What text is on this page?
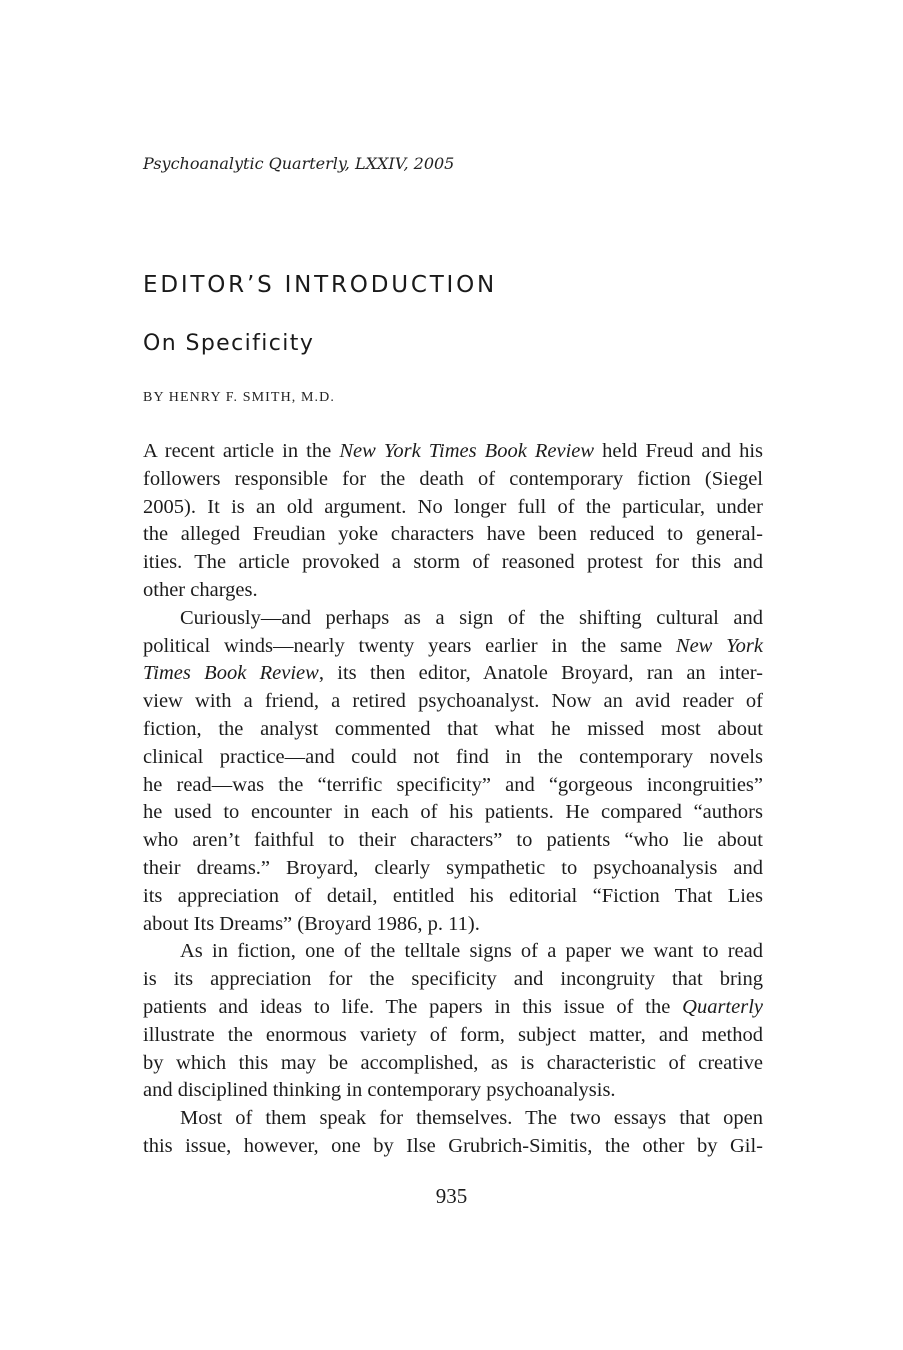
Psychoanalytic Quarterly, LXXIV, 2005
EDITOR’S INTRODUCTION
On Specificity
BY HENRY F. SMITH, M.D.
A recent article in the New York Times Book Review held Freud and his
followers responsible for the death of contemporary fiction (Siegel
2005). It is an old argument. No longer full of the particular, under
the alleged Freudian yoke characters have been reduced to general-
ities. The article provoked a storm of reasoned protest for this and
other charges.
Curiously—and perhaps as a sign of the shifting cultural and
political winds—nearly twenty years earlier in the same New York
Times Book Review, its then editor, Anatole Broyard, ran an inter-
view with a friend, a retired psychoanalyst. Now an avid reader of
fiction, the analyst commented that what he missed most about
clinical practice—and could not find in the contemporary novels
he read—was the “terrific specificity” and “gorgeous incongruities”
he used to encounter in each of his patients. He compared “authors
who aren’t faithful to their characters” to patients “who lie about
their dreams.” Broyard, clearly sympathetic to psychoanalysis and
its appreciation of detail, entitled his editorial “Fiction That Lies
about Its Dreams” (Broyard 1986, p. 11).
As in fiction, one of the telltale signs of a paper we want to read
is its appreciation for the specificity and incongruity that bring
patients and ideas to life. The papers in this issue of the Quarterly
illustrate the enormous variety of form, subject matter, and method
by which this may be accomplished, as is characteristic of creative
and disciplined thinking in contemporary psychoanalysis.
Most of them speak for themselves. The two essays that open
this issue, however, one by Ilse Grubrich-Simitis, the other by Gil-
935
